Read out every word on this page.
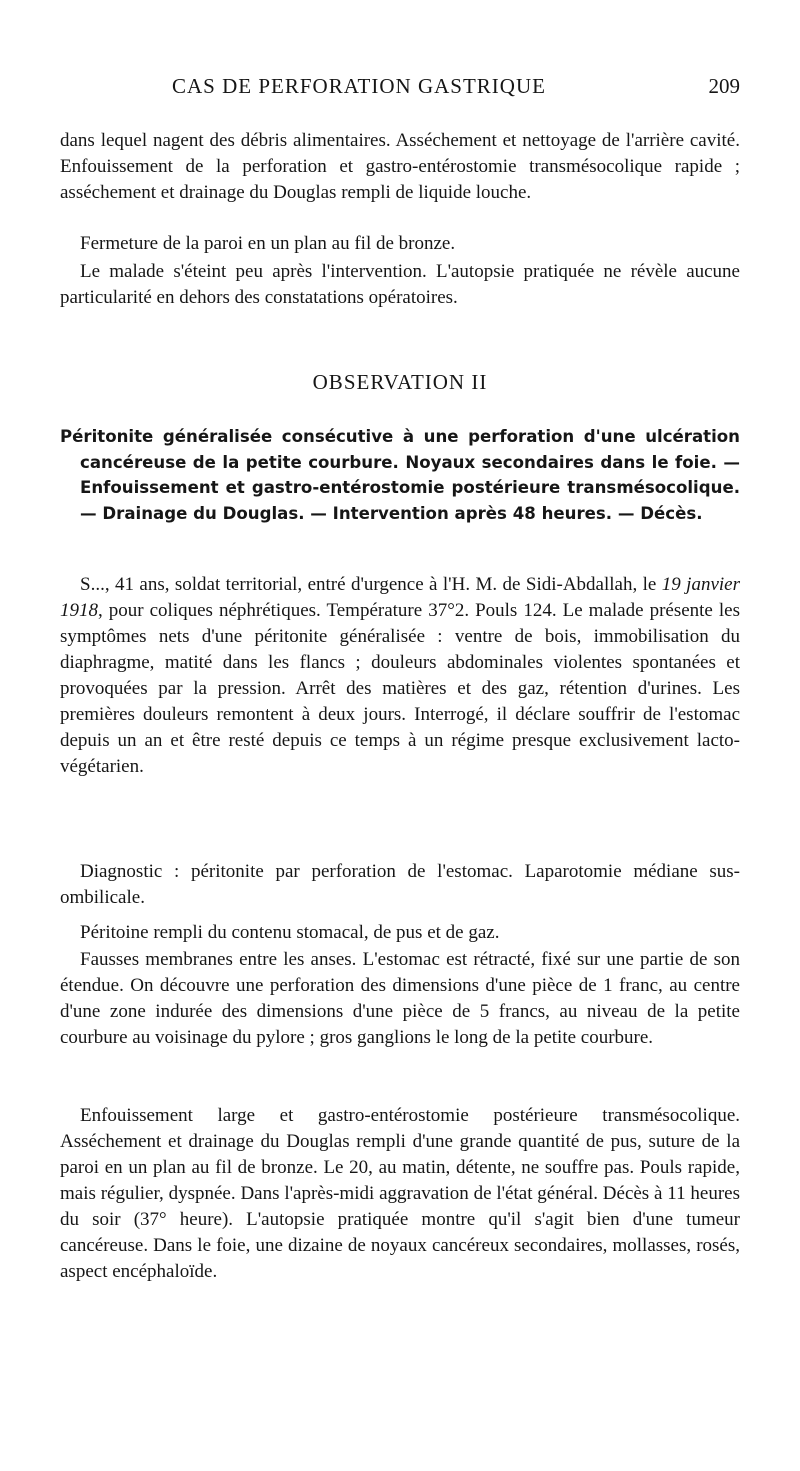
CAS DE PERFORATION GASTRIQUE	209

dans lequel nagent des débris alimentaires. Asséchement et nettoyage de l'arrière cavité. Enfouissement de la perforation et gastro-entérostomie transmésocolique rapide ; asséchement et drainage du Douglas rempli de liquide louche.

Fermeture de la paroi en un plan au fil de bronze.

Le malade s'éteint peu après l'intervention. L'autopsie pratiquée ne révèle aucune particularité en dehors des constatations opératoires.

OBSERVATION II
Péritonite généralisée consécutive à une perforation d'une ulcération cancéreuse de la petite courbure. Noyaux secondaires dans le foie. — Enfouissement et gastro-entérostomie postérieure transmésocolique. — Drainage du Douglas. — Intervention après 48 heures. — Décès.

S..., 41 ans, soldat territorial, entré d'urgence à l'H. M. de Sidi-Abdallah, le 19 janvier 1918, pour coliques néphrétiques. Température 37°2. Pouls 124. Le malade présente les symptômes nets d'une péritonite généralisée : ventre de bois, immobilisation du diaphragme, matité dans les flancs ; douleurs abdominales violentes spontanées et provoquées par la pression. Arrêt des matières et des gaz, rétention d'urines. Les premières douleurs remontent à deux jours. Interrogé, il déclare souffrir de l'estomac depuis un an et être resté depuis ce temps à un régime presque exclusivement lacto-végétarien.

Diagnostic : péritonite par perforation de l'estomac. Laparotomie médiane sus-ombilicale.

Péritoine rempli du contenu stomacal, de pus et de gaz.

Fausses membranes entre les anses. L'estomac est rétracté, fixé sur une partie de son étendue. On découvre une perforation des dimensions d'une pièce de 1 franc, au centre d'une zone indurée des dimensions d'une pièce de 5 francs, au niveau de la petite courbure au voisinage du pylore ; gros ganglions le long de la petite courbure.

Enfouissement large et gastro-entérostomie postérieure transmésocolique. Asséchement et drainage du Douglas rempli d'une grande quantité de pus, suture de la paroi en un plan au fil de bronze. Le 20, au matin, détente, ne souffre pas. Pouls rapide, mais régulier, dyspnée. Dans l'après-midi aggravation de l'état général. Décès à 11 heures du soir (37° heure). L'autopsie pratiquée montre qu'il s'agit bien d'une tumeur cancéreuse. Dans le foie, une dizaine de noyaux cancéreux secondaires, mollasses, rosés, aspect encéphaloïde.
